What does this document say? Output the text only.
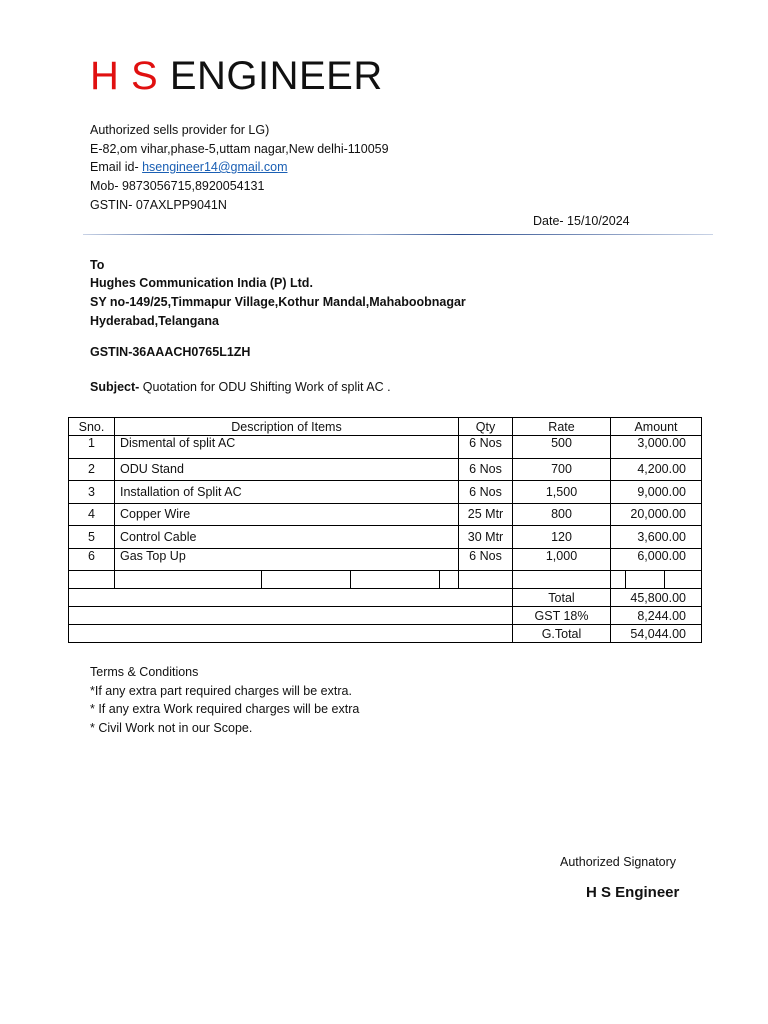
H S ENGINEER
Authorized sells provider for LG)
E-82,om vihar,phase-5,uttam nagar,New delhi-110059
Email id- hsengineer14@gmail.com
Mob- 9873056715,8920054131
GSTIN- 07AXLPP9041N
Date- 15/10/2024
To
Hughes Communication India (P) Ltd.
SY no-149/25,Timmapur Village,Kothur Mandal,Mahaboobnagar
Hyderabad,Telangana
GSTIN-36AAACH0765L1ZH
Subject- Quotation for ODU Shifting Work of split AC .
Sno.	Description of Items				Qty	Rate	Amount		
1	Dismental of split AC				6 Nos	500	3,000.00		
2	ODU Stand				6 Nos	700	4,200.00		
3	Installation of Split AC				6 Nos	1,500	9,000.00		
4	Copper Wire				25 Mtr	800	20,000.00		
5	Control Cable				30 Mtr	120	3,600.00		
6	Gas Top Up				6 Nos	1,000	6,000.00		

						Total	45,800.00		
						GST 18%	8,244.00		
						G.Total	54,044.00		
Terms & Conditions
*If any extra part required charges will be extra.
* If any extra Work required charges will be extra
* Civil Work not in our Scope.
Authorized Signatory
H S Engineer
